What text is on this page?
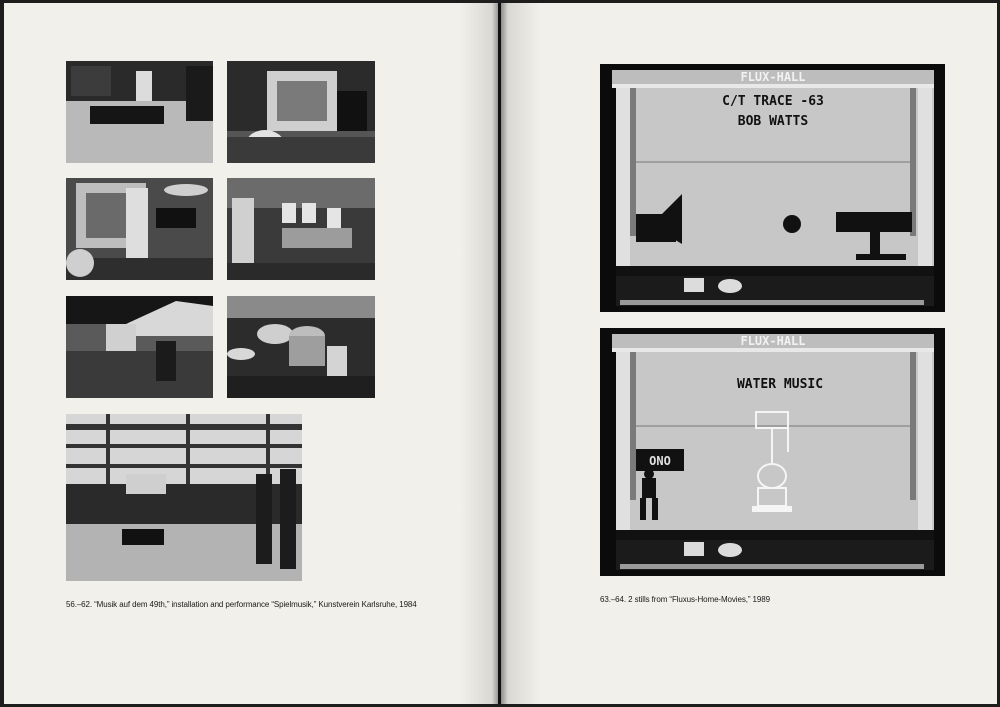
56.–62. “Musik auf dem 49th,” installation and performance “Spielmusik,” Kunstverein Karlsruhe, 1984
FLUX-HALL
C/T TRACE -63
BOB WATTS
FLUX-HALL
WATER MUSIC
ONO
63.–64. 2 stills from “Fluxus-Home-Movies,” 1989
